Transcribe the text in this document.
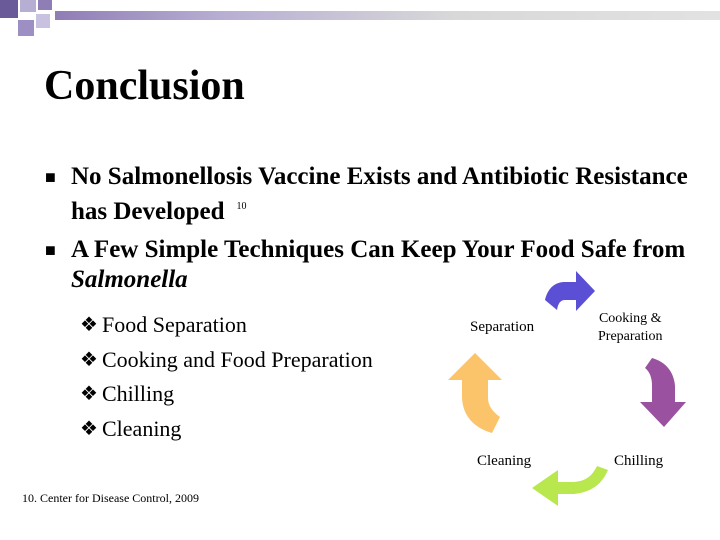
Conclusion
■ No Salmonellosis Vaccine Exists and Antibiotic Resistance has Developed $^{10}$
■ A Few Simple Techniques Can Keep Your Food Safe from Salmonella
❖ Food Separation
❖ Cooking and Food Preparation
❖ Chilling
❖ Cleaning
Separation
Cooking &
Preparation
Chilling
Cleaning
10. Center for Disease Control, 2009
